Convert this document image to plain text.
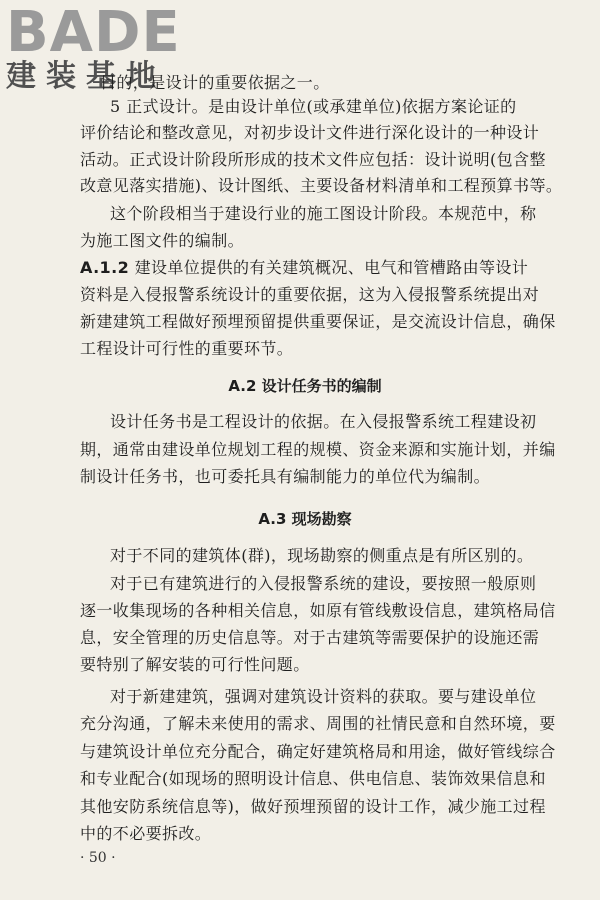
BADE
建装基地
目的，是设计的重要依据之一。
5 正式设计。是由设计单位(或承建单位)依据方案论证的
评价结论和整改意见，对初步设计文件进行深化设计的一种设计
活动。正式设计阶段所形成的技术文件应包括：设计说明(包含整
改意见落实措施)、设计图纸、主要设备材料清单和工程预算书等。
这个阶段相当于建设行业的施工图设计阶段。本规范中，称
为施工图文件的编制。
A.1.2 建设单位提供的有关建筑概况、电气和管槽路由等设计
资料是入侵报警系统设计的重要依据，这为入侵报警系统提出对
新建建筑工程做好预埋预留提供重要保证，是交流设计信息，确保
工程设计可行性的重要环节。
A.2 设计任务书的编制
设计任务书是工程设计的依据。在入侵报警系统工程建设初
期，通常由建设单位规划工程的规模、资金来源和实施计划，并编
制设计任务书，也可委托具有编制能力的单位代为编制。
A.3 现场勘察
对于不同的建筑体(群)，现场勘察的侧重点是有所区别的。
对于已有建筑进行的入侵报警系统的建设，要按照一般原则
逐一收集现场的各种相关信息，如原有管线敷设信息，建筑格局信
息，安全管理的历史信息等。对于古建筑等需要保护的设施还需
要特别了解安装的可行性问题。
对于新建建筑，强调对建筑设计资料的获取。要与建设单位
充分沟通，了解未来使用的需求、周围的社情民意和自然环境，要
与建筑设计单位充分配合，确定好建筑格局和用途，做好管线综合
和专业配合(如现场的照明设计信息、供电信息、装饰效果信息和
其他安防系统信息等)，做好预埋预留的设计工作，减少施工过程
中的不必要拆改。
· 50 ·
